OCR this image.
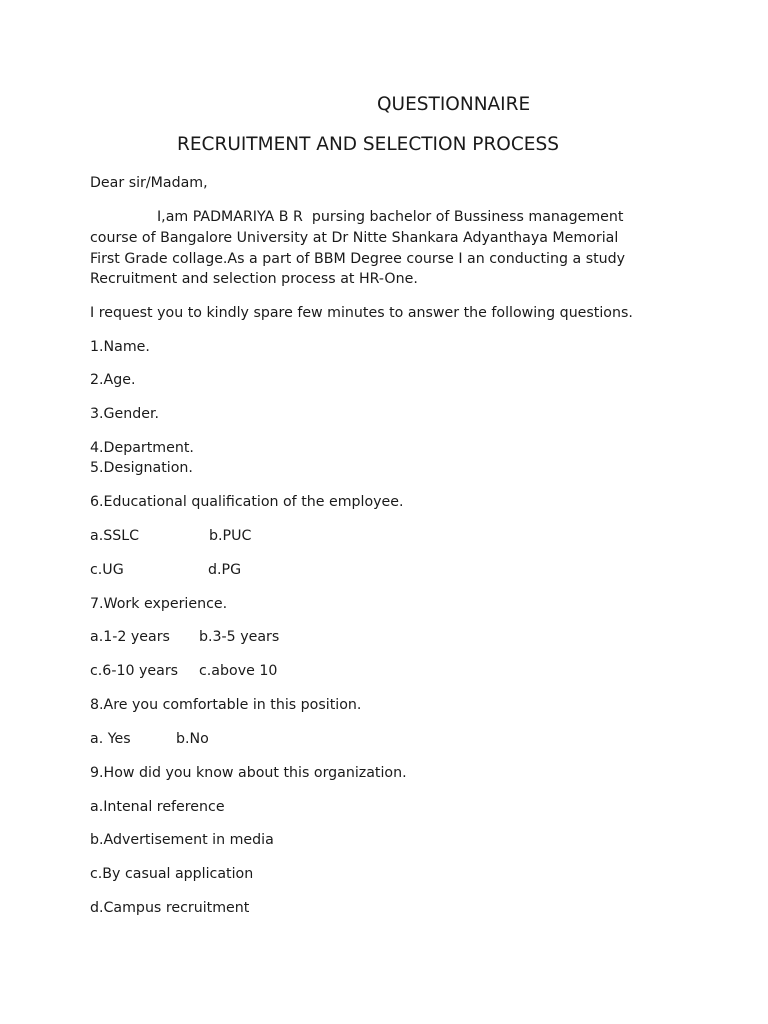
QUESTIONNAIRE
RECRUITMENT AND SELECTION PROCESS
Dear sir/Madam,
I,am PADMARIYA B R  pursing bachelor of Bussiness management
course of Bangalore University at Dr Nitte Shankara Adyanthaya Memorial
First Grade collage.As a part of BBM Degree course I an conducting a study
Recruitment and selection process at HR-One.
I request you to kindly spare few minutes to answer the following questions.
1.Name.
2.Age.
3.Gender.
4.Department.
5.Designation.
6.Educational qualification of the employee.
a.SSLC	b.PUC
c.UG	d.PG
7.Work experience.
a.1-2 years b.3-5 years
c.6-10 years c.above 10
8.Are you comfortable in this position.
a. Yes	b.No
9.How did you know about this organization.
a.Intenal reference
b.Advertisement in media
c.By casual application
d.Campus recruitment
